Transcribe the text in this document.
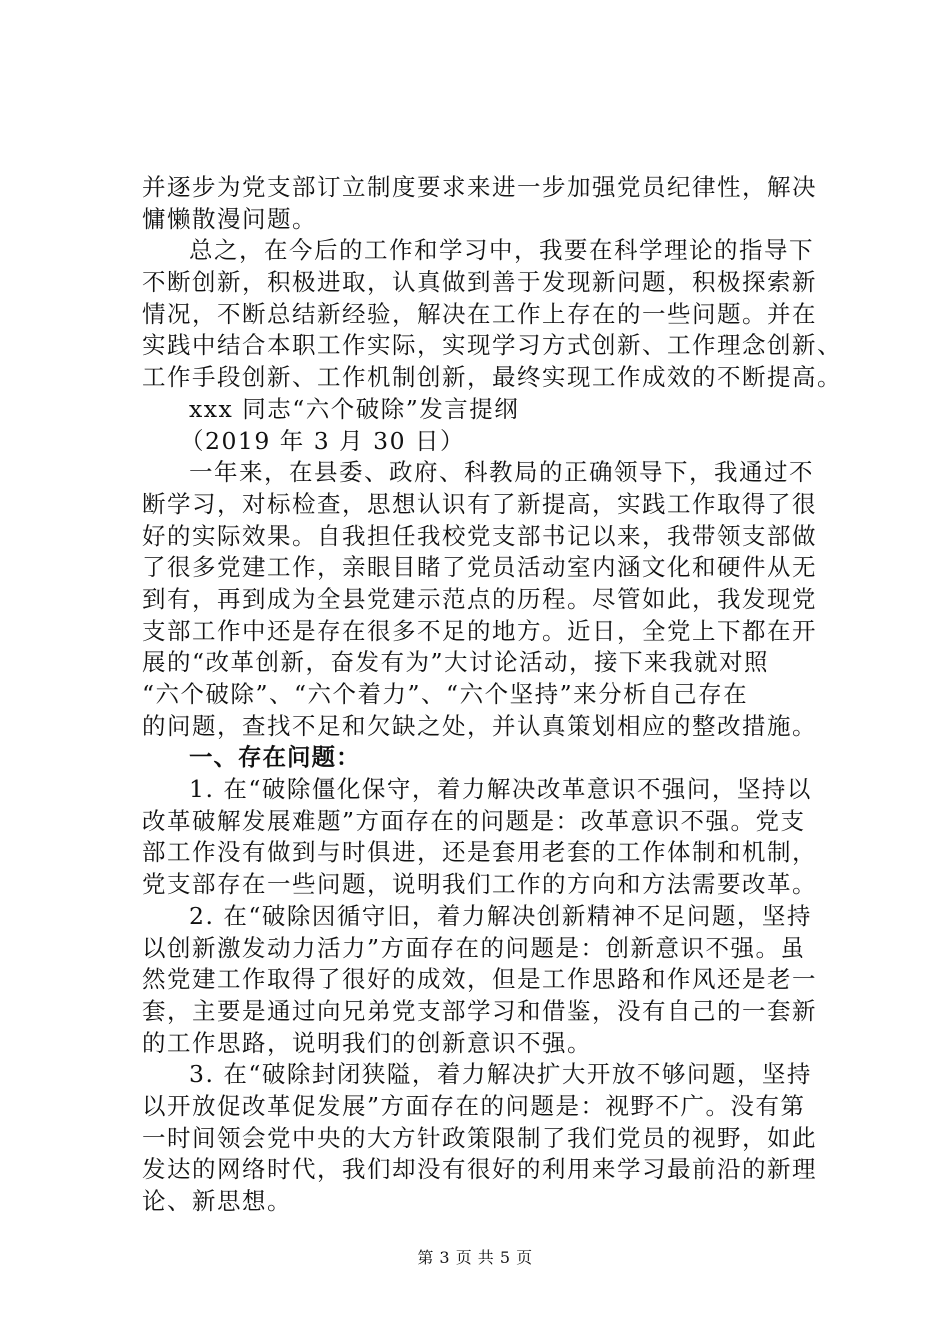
并逐步为党支部订立制度要求来进一步加强党员纪律性，解决
慵懒散漫问题。
总之，在今后的工作和学习中，我要在科学理论的指导下
不断创新，积极进取，认真做到善于发现新问题，积极探索新
情况，不断总结新经验，解决在工作上存在的一些问题。并在
实践中结合本职工作实际，实现学习方式创新、工作理念创新、
工作手段创新、工作机制创新，最终实现工作成效的不断提高。
xxx 同志“六个破除”发言提纲
（2019 年 3 月 30 日）
一年来，在县委、政府、科教局的正确领导下，我通过不
断学习，对标检查，思想认识有了新提高，实践工作取得了很
好的实际效果。自我担任我校党支部书记以来，我带领支部做
了很多党建工作，亲眼目睹了党员活动室内涵文化和硬件从无
到有，再到成为全县党建示范点的历程。尽管如此，我发现党
支部工作中还是存在很多不足的地方。近日，全党上下都在开
展的“改革创新，奋发有为”大讨论活动，接下来我就对照
“六个破除”、“六个着力”、“六个坚持”来分析自己存在
的问题，查找不足和欠缺之处，并认真策划相应的整改措施。
一、存在问题：
1. 在“破除僵化保守，着力解决改革意识不强问，坚持以
改革破解发展难题”方面存在的问题是：改革意识不强。党支
部工作没有做到与时俱进，还是套用老套的工作体制和机制，
党支部存在一些问题，说明我们工作的方向和方法需要改革。
2. 在“破除因循守旧，着力解决创新精神不足问题，坚持
以创新激发动力活力”方面存在的问题是：创新意识不强。虽
然党建工作取得了很好的成效，但是工作思路和作风还是老一
套，主要是通过向兄弟党支部学习和借鉴，没有自己的一套新
的工作思路，说明我们的创新意识不强。
3. 在“破除封闭狭隘，着力解决扩大开放不够问题，坚持
以开放促改革促发展”方面存在的问题是：视野不广。没有第
一时间领会党中央的大方针政策限制了我们党员的视野，如此
发达的网络时代，我们却没有很好的利用来学习最前沿的新理
论、新思想。
第 3 页 共 5 页
